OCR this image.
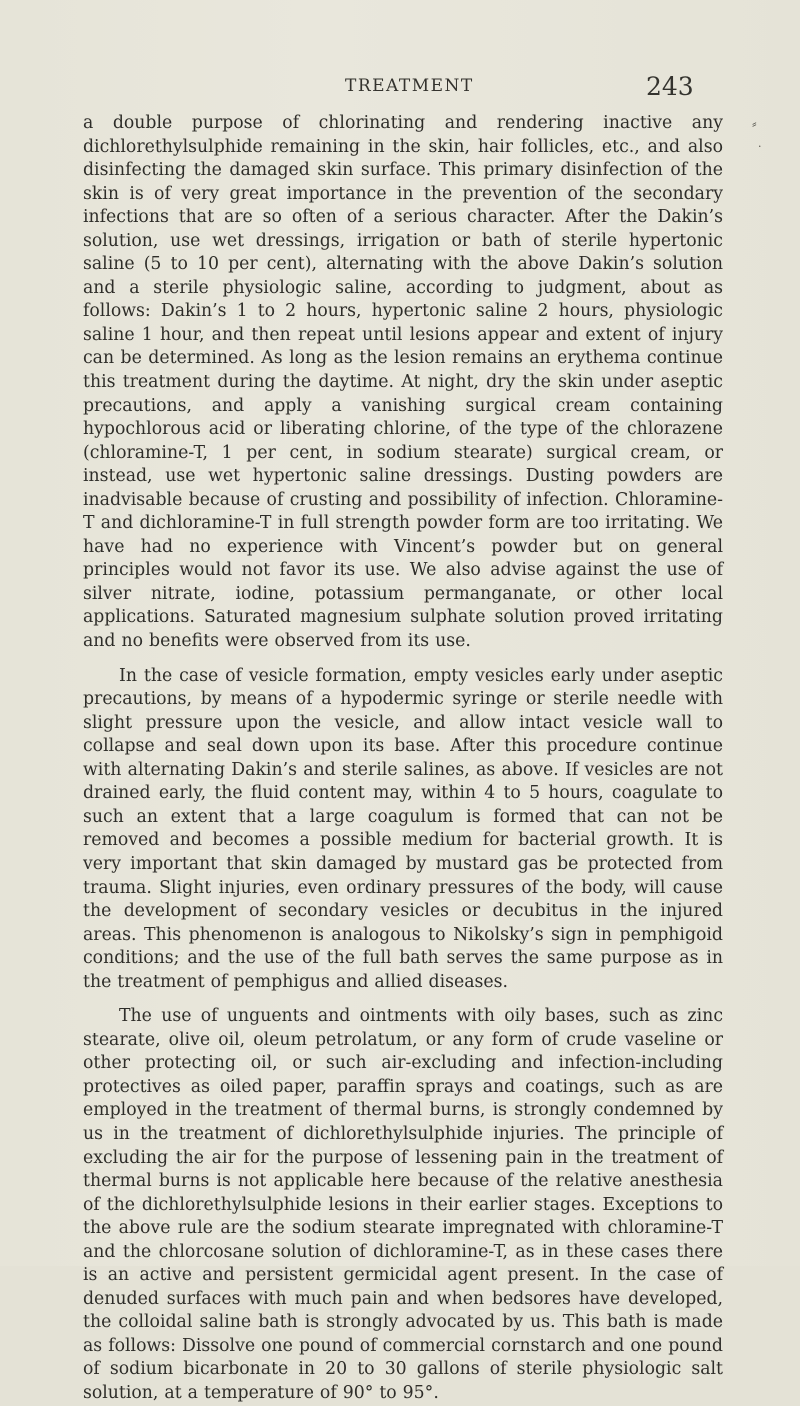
TREATMENT	243

a double purpose of chlorinating and rendering inactive any dichlorethylsulphide remaining in the skin, hair follicles, etc., and also disinfecting the damaged skin surface. This primary disinfection of the skin is of very great importance in the prevention of the secondary infections that are so often of a serious character. After the Dakin’s solution, use wet dressings, irrigation or bath of sterile hypertonic saline (5 to 10 per cent), alternating with the above Dakin’s solution and a sterile physiologic saline, according to judgment, about as follows: Dakin’s 1 to 2 hours, hypertonic saline 2 hours, physiologic saline 1 hour, and then repeat until lesions appear and extent of injury can be determined. As long as the lesion remains an erythema continue this treatment during the daytime. At night, dry the skin under aseptic precautions, and apply a vanishing surgical cream containing hypochlorous acid or liberating chlorine, of the type of the chlorazene (chloramine-T, 1 per cent, in sodium stearate) surgical cream, or instead, use wet hypertonic saline dressings. Dusting powders are inadvisable because of crusting and possibility of infection. Chloramine-T and dichloramine-T in full strength powder form are too irritating. We have had no experience with Vincent’s powder but on general principles would not favor its use. We also advise against the use of silver nitrate, iodine, potassium permanganate, or other local applications. Saturated magnesium sulphate solution proved irritating and no benefits were observed from its use.

In the case of vesicle formation, empty vesicles early under aseptic precautions, by means of a hypodermic syringe or sterile needle with slight pressure upon the vesicle, and allow intact vesicle wall to collapse and seal down upon its base. After this procedure continue with alternating Dakin’s and sterile salines, as above. If vesicles are not drained early, the fluid content may, within 4 to 5 hours, coagulate to such an extent that a large coagulum is formed that can not be removed and becomes a possible medium for bacterial growth. It is very important that skin damaged by mustard gas be protected from trauma. Slight injuries, even ordinary pressures of the body, will cause the development of secondary vesicles or decubitus in the injured areas. This phenomenon is analogous to Nikolsky’s sign in pemphigoid conditions; and the use of the full bath serves the same purpose as in the treatment of pemphigus and allied diseases.

The use of unguents and ointments with oily bases, such as zinc stearate, olive oil, oleum petrolatum, or any form of crude vaseline or other protecting oil, or such air-excluding and infection-including protectives as oiled paper, paraffin sprays and coatings, such as are employed in the treatment of thermal burns, is strongly condemned by us in the treatment of dichlorethylsulphide injuries. The principle of excluding the air for the purpose of lessening pain in the treatment of thermal burns is not applicable here because of the relative anesthesia of the dichlorethylsulphide lesions in their earlier stages. Exceptions to the above rule are the sodium stearate impregnated with chloramine-T and the chlorcosane solution of dichloramine-T, as in these cases there is an active and persistent germicidal agent present. In the case of denuded surfaces with much pain and when bedsores have developed, the colloidal saline bath is strongly advocated by us. This bath is made as follows: Dissolve one pound of commercial cornstarch and one pound of sodium bicarbonate in 20 to 30 gallons of sterile physiologic salt solution, at a temperature of 90° to 95°.

⸗
·
